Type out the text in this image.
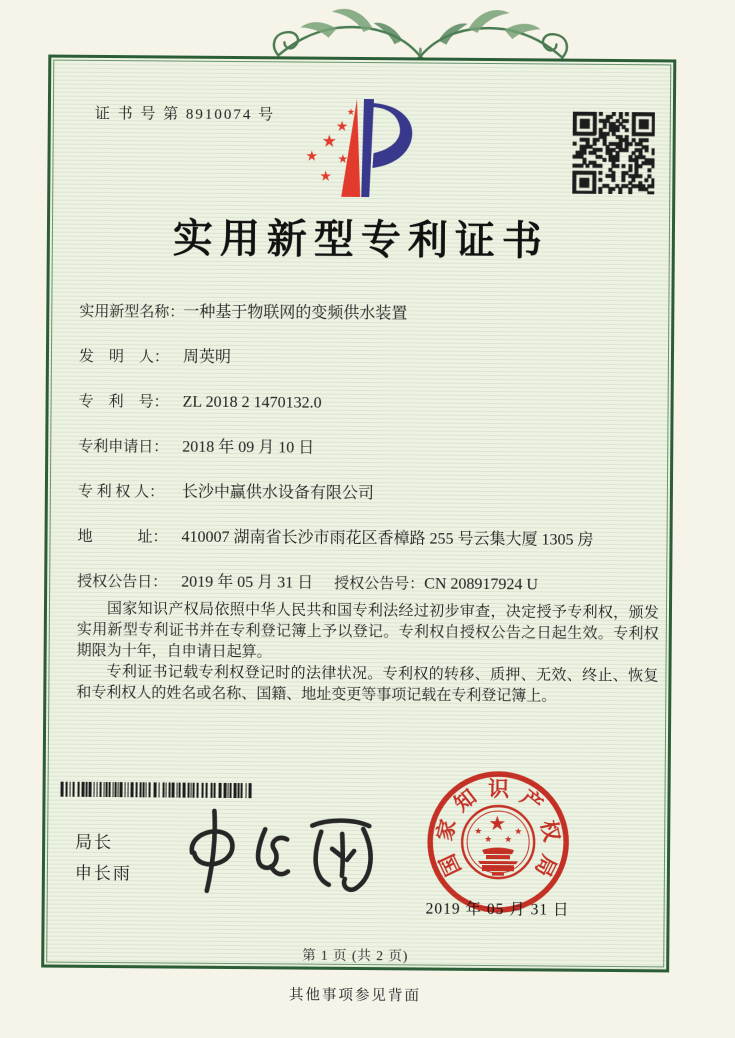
证 书 号 第 8910074 号	★
★
★
★ ★
★
实用新型专利证书
实用新型名称：一种基于物联网的变频供水装置
发　明　人： 周英明
专　利　号： ZL 2018 2 1470132.0
专利申请日： 2018 年 09 月 10 日
专 利 权 人： 长沙中赢供水设备有限公司
地　　　址： 410007 湖南省长沙市雨花区香樟路 255 号云集大厦 1305 房
授权公告日： 2019 年 05 月 31 日 授权公告号：CN 208917924 U

国家知识产权局依照中华人民共和国专利法经过初步审查，决定授予专利权，颁发实用新型专利证书并在专利登记簿上予以登记。专利权自授权公告之日起生效。专利权期限为十年，自申请日起算。

专利证书记载专利权登记时的法律状况。专利权的转移、质押、无效、终止、恢复和专利权人的姓名或名称、国籍、地址变更等事项记载在专利登记簿上。

局长
申长雨	国
家
知 识 产
权
局
★
★
★ ★
★
2019 年 05 月 31 日
第 1 页 (共 2 页)
其他事项参见背面
